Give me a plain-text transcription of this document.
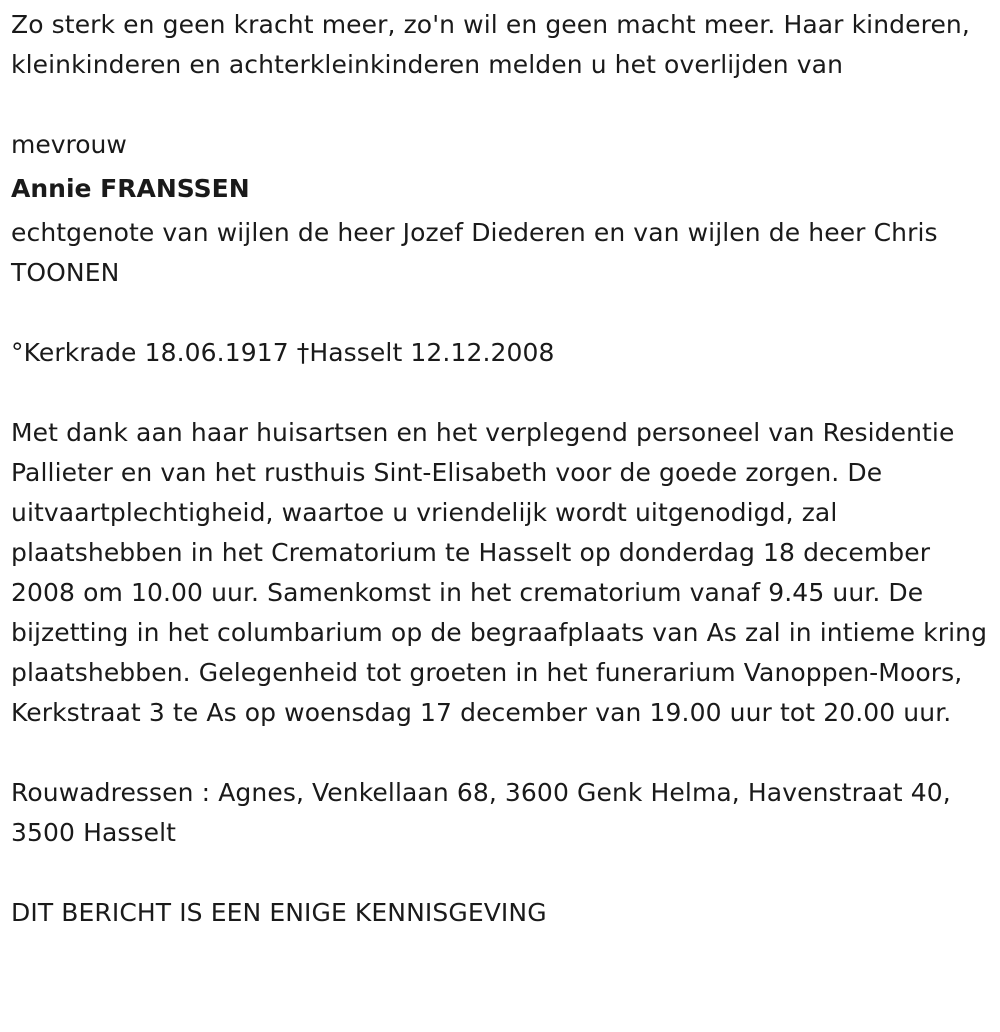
Zo sterk en geen kracht meer, zo'n wil en geen macht meer. Haar kinderen, kleinkinderen en achterkleinkinderen melden u het overlijden van

mevrouw

Annie FRANSSEN

echtgenote van wijlen de heer Jozef Diederen en van wijlen de heer Chris
TOONEN

°Kerkrade 18.06.1917 †Hasselt 12.12.2008

Met dank aan haar huisartsen en het verplegend personeel van Residentie Pallieter en van het rusthuis Sint-Elisabeth voor de goede zorgen. De uitvaartplechtigheid, waartoe u vriendelijk wordt uitgenodigd, zal plaatshebben in het Crematorium te Hasselt op donderdag 18 december 2008 om 10.00 uur. Samenkomst in het crematorium vanaf 9.45 uur. De bijzetting in het columbarium op de begraafplaats van As zal in intieme kring plaatshebben. Gelegenheid tot groeten in het funerarium Vanoppen-Moors, Kerkstraat 3 te As op woensdag 17 december van 19.00 uur tot 20.00 uur.

Rouwadressen : Agnes, Venkellaan 68, 3600 Genk Helma, Havenstraat 40, 3500 Hasselt

DIT BERICHT IS EEN ENIGE KENNISGEVING
